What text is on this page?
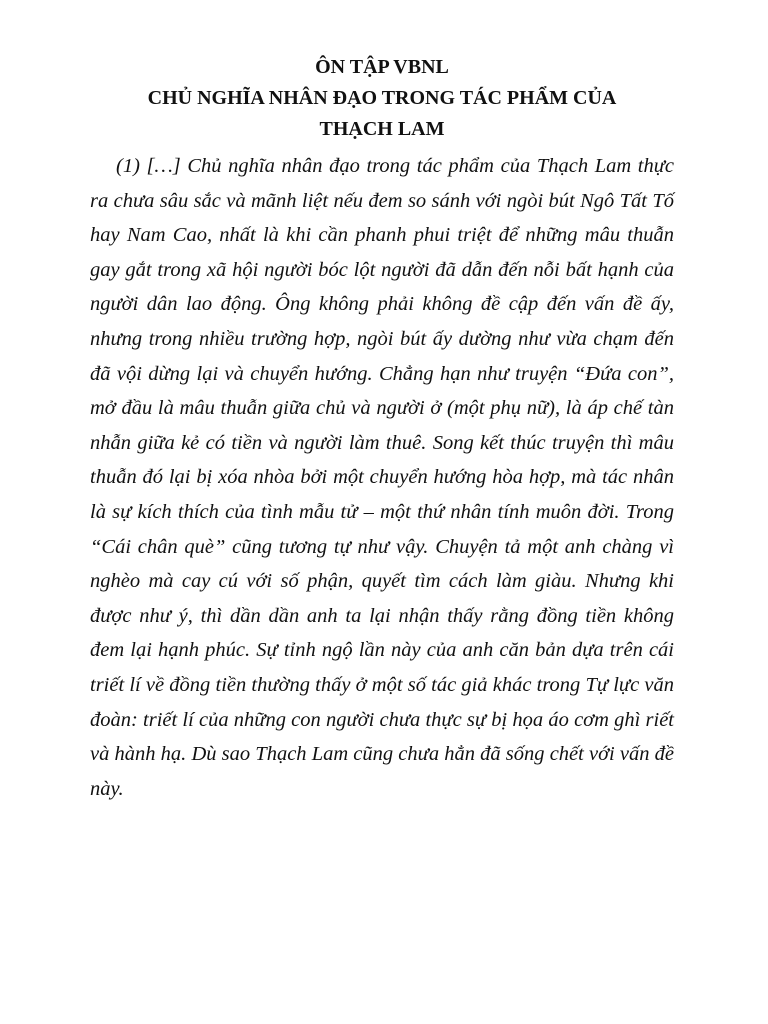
ÔN TẬP VBNL
CHỦ NGHĨA NHÂN ĐẠO TRONG TÁC PHẨM CỦA
THẠCH LAM

(1) […] Chủ nghĩa nhân đạo trong tác phẩm của Thạch Lam thực ra chưa sâu sắc và mãnh liệt nếu đem so sánh với ngòi bút Ngô Tất Tố hay Nam Cao, nhất là khi cần phanh phui triệt để những mâu thuẫn gay gắt trong xã hội người bóc lột người đã dẫn đến nỗi bất hạnh của người dân lao động. Ông không phải không đề cập đến vấn đề ấy, nhưng trong nhiều trường hợp, ngòi bút ấy dường như vừa chạm đến đã vội dừng lại và chuyển hướng. Chẳng hạn như truyện “Đứa con”, mở đầu là mâu thuẫn giữa chủ và người ở (một phụ nữ), là áp chế tàn nhẫn giữa kẻ có tiền và người làm thuê. Song kết thúc truyện thì mâu thuẫn đó lại bị xóa nhòa bởi một chuyển hướng hòa hợp, mà tác nhân là sự kích thích của tình mẫu tử – một thứ nhân tính muôn đời. Trong “Cái chân què” cũng tương tự như vậy. Chuyện tả một anh chàng vì nghèo mà cay cú với số phận, quyết tìm cách làm giàu. Nhưng khi được như ý, thì dần dần anh ta lại nhận thấy rằng đồng tiền không đem lại hạnh phúc. Sự tỉnh ngộ lần này của anh căn bản dựa trên cái triết lí về đồng tiền thường thấy ở một số tác giả khác trong Tự lực văn đoàn: triết lí của những con người chưa thực sự bị họa áo cơm ghì riết và hành hạ. Dù sao Thạch Lam cũng chưa hẳn đã sống chết với vấn đề này.
